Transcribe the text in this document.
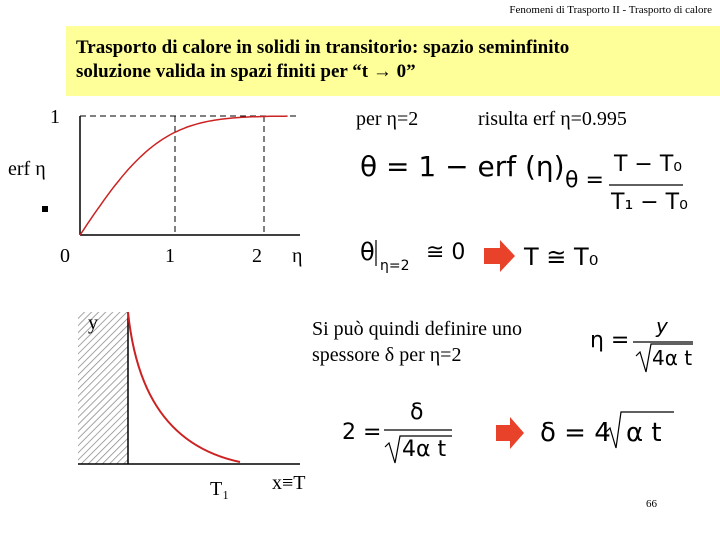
Fenomeni di Trasporto II - Trasporto di calore
Trasporto di calore in solidi in transitorio: spazio seminfinito
soluzione valida in spazi finiti per “t → 0”
1
erf η
0	1	2 η
per η=2	risulta erf η=0.995
θ = 1 − erf (η) θ =
T − T₀
T₁ − T₀
θ η=2
≅ 0 T ≅ T₀
y
T₁ x≡T
Si può quindi definire uno
spessore δ per η=2
η =
y
4α t
2 =
δ
4α t
δ = 4 α t
66
